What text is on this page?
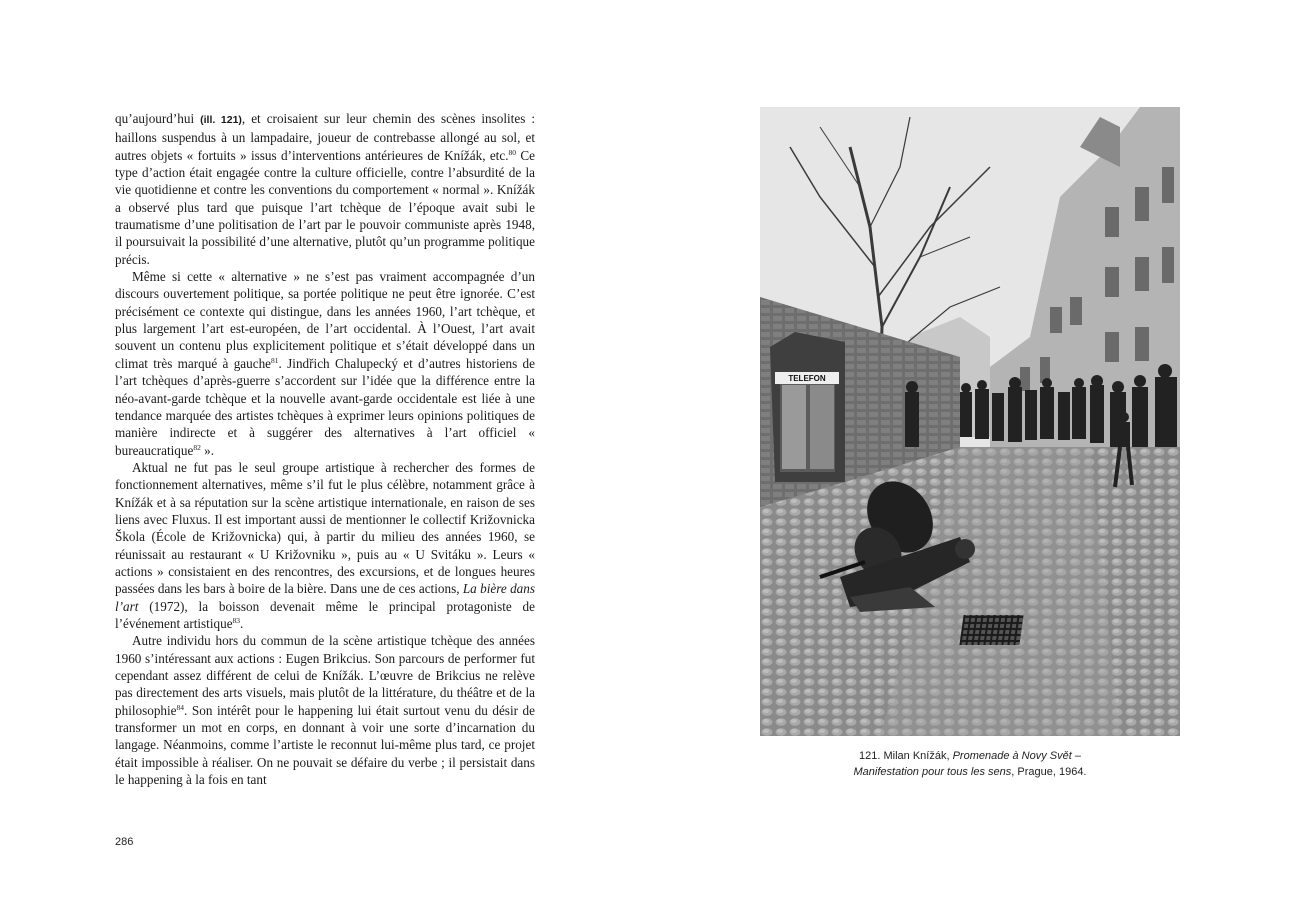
qu’aujourd’hui (ill. 121), et croisaient sur leur chemin des scènes insolites : haillons suspendus à un lampadaire, joueur de contrebasse allongé au sol, et autres objets « fortuits » issus d’interventions antérieures de Knížák, etc.$^{80}$ Ce type d’action était engagée contre la culture officielle, contre l’absurdité de la vie quotidienne et contre les conventions du comportement « normal ». Knížák a observé plus tard que puisque l’art tchèque de l’époque avait subi le traumatisme d’une politisation de l’art par le pouvoir communiste après 1948, il poursuivait la possibilité d’une alternative, plutôt qu’un programme politique précis.

Même si cette « alternative » ne s’est pas vraiment accompagnée d’un discours ouvertement politique, sa portée politique ne peut être ignorée. C’est précisément ce contexte qui distingue, dans les années 1960, l’art tchèque, et plus largement l’art est-européen, de l’art occidental. À l’Ouest, l’art avait souvent un contenu plus explicitement politique et s’était développé dans un climat très marqué à gauche$^{81}$. Jindřich Chalupecký et d’autres historiens de l’art tchèques d’après-guerre s’accordent sur l’idée que la différence entre la néo-avant-garde tchèque et la nouvelle avant-garde occidentale est liée à une tendance marquée des artistes tchèques à exprimer leurs opinions politiques de manière indirecte et à suggérer des alternatives à l’art officiel « bureaucratique$^{82}$ ».

Aktual ne fut pas le seul groupe artistique à rechercher des formes de fonctionnement alternatives, même s’il fut le plus célèbre, notamment grâce à Knížák et à sa réputation sur la scène artistique internationale, en raison de ses liens avec Fluxus. Il est important aussi de mentionner le collectif Križovnicka Škola (École de Križovnicka) qui, à partir du milieu des années 1960, se réunissait au restaurant « U Križovniku », puis au « U Svitáku ». Leurs « actions » consistaient en des rencontres, des excursions, et de longues heures passées dans les bars à boire de la bière. Dans une de ces actions, La bière dans l’art (1972), la boisson devenait même le principal protagoniste de l’événement artistique$^{83}$.

Autre individu hors du commun de la scène artistique tchèque des années 1960 s’intéressant aux actions : Eugen Brikcius. Son parcours de performer fut cependant assez différent de celui de Knížák. L’œuvre de Brikcius ne relève pas directement des arts visuels, mais plutôt de la littérature, du théâtre et de la philosophie$^{84}$. Son intérêt pour le happening lui était surtout venu du désir de transformer un mot en corps, en donnant à voir une sorte d’incarnation du langage. Néanmoins, comme l’artiste le reconnut lui-même plus tard, ce projet était impossible à réaliser. On ne pouvait se défaire du verbe ; il persistait dans le happening à la fois en tant

286
TELEFON
121. Milan Knížák, Promenade à Novy Svět –
Manifestation pour tous les sens, Prague, 1964.
